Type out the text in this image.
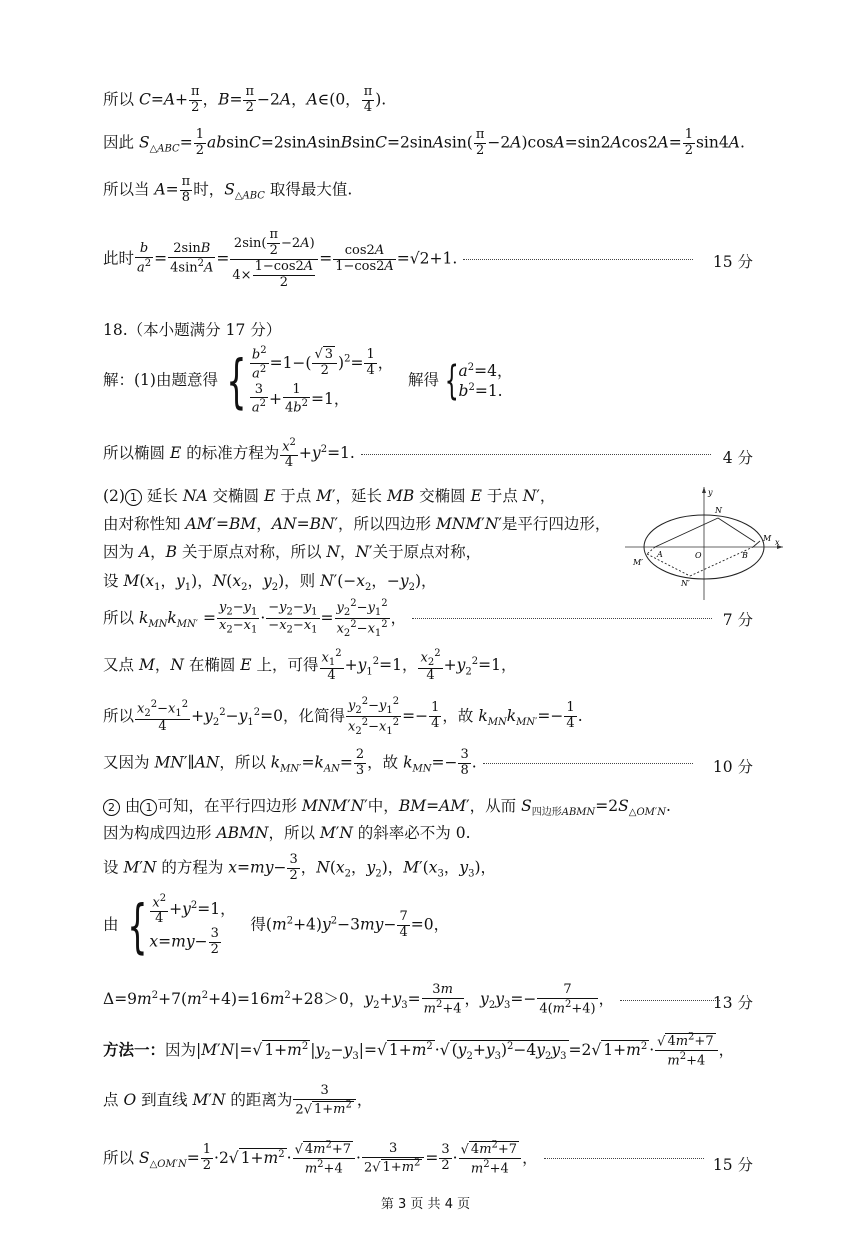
所以 $C=A+ \frac{\pi}{2}$ ，$B= \frac{\pi}{2} -2A$，A∈(0， $\frac{\pi}{4}$ ).
因此 $S_{\triangle ABC}= \frac{1}{2}$ absinC=2sinAsinBsinC=2sinAsin( $\frac{\pi}{2} -2A)\cos A=\sin 2Acos2A= \frac{1}{2} \sin 4A$.
所以当 $A= \frac{\pi}{8}$ 时，$S_{\triangle ABC}$ 取得最大值.
此时 $\frac{b}{a^2} = \frac{2\sin B}{4\sin^2A} = \frac{2\sin( \frac{\pi}{2} -2A)}{4\times \frac{1-\cos 2A}{2}} = \frac{\cos 2A}{1-\cos 2A} =√2+1$.	15 分
18.（本小题满分 17 分）
解：(1)由题意得 { $\frac{b^2}{a^2} =1-( \frac{√ 3}{2} )^2= \frac{1}{4}$ ，
$\frac{3}{a^2} + \frac{1}{4b^2} =1$，
解得 { $a^2=4$，
$b^2=1$.
所以椭圆 E 的标准方程为 $\frac{x^2}{4} +y^2=1$.	4 分
(2) 1 延长 NA 交椭圆 E 于点 M′，延长 MB 交椭圆 E 于点 N′，
由对称性知 AM′=BM，AN=BN′，所以四边形 MNM′N′是平行四边形，
因为 A，B 关于原点对称，所以 N，N′关于原点对称，
设 $M(x_1$，$y_1$)，$N(x_2$，$y_2$)，则 $N'(-x_2$，$-y_2$)，
y
x
N
M
A	O	B
M′
N′
所以 $k_{MN}k_{MN'} = \frac{y_2-y_1}{x_2-x_1} \cdot \frac{-y_2-y_1}{-x_2-x_1} = \frac{y_2^2-y_1^2}{x_2^2-x_1^2}$ ，	7 分
又点 M，N 在椭圆 E 上，可得 $\frac{x_1^2}{4} +y_1^2=1$， $\frac{x_2^2}{4} +y_2^2=1$，
所以 $\frac{x_2^2-x_1^2}{4} +y_2^2-y_1^2=0$，化简得 $\frac{y_2^2-y_1^2}{x_2^2-x_1^2} =- \frac{1}{4}$ ，故 $k_{MN}k_{MN'}=- \frac{1}{4}$ .
又因为 MN′∥AN，所以 $k_{MN'}=k_{AN}= \frac{2}{3}$ ，故 $k_{MN}=- \frac{3}{8}$ .	10 分
2 由 1 可知，在平行四边形 MNM′N′中，BM=AM′，从而 $S_{四边形ABMN}=2S_{\triangle OM'N}$.
因为构成四边形 ABMN，所以 M′N 的斜率必不为 0.
设 M′N 的方程为 $x=my- \frac{3}{2}$ ，$N(x_2$，$y_2$)，$M'(x_3$，$y_3$)，
由 { $\frac{x^2}{4} +y^2=1$，
$x=my- \frac{3}{2}$
得$(m^2+4)y^2-3my- \frac{7}{4} =0$，
$\Delta=9m^2+7(m^2+4)=16m^2+28>0$，$y_2+y_3= \frac{3m}{m^2+4}$ ，$y_2y_3=- \frac{7}{4(m^2+4)}$ ，	13 分
方法一：因为|M′N|=√ $1+m^2$ $|y_2-y_3|=√$ $1+m^2$ ·√ $(y_2+y_3)^2-4y_2y_3 =2√$ $1+m^2 \cdot \frac{√ 4m^2+7}{m^2+4}$ ，
点 O 到直线 M′N 的距离为 $\frac{3}{2√ 1+m^2}$ ，
所以 $S_{\triangle OM'N}= \frac{1}{2} \cdot 2√$ $1+m^2 \cdot \frac{√ 4m^2+7}{m^2+4} \cdot \frac{3}{2√ 1+m^2} = \frac{3}{2} \cdot \frac{√ 4m^2+7}{m^2+4}$ ，	15 分
第 3 页 共 4 页
